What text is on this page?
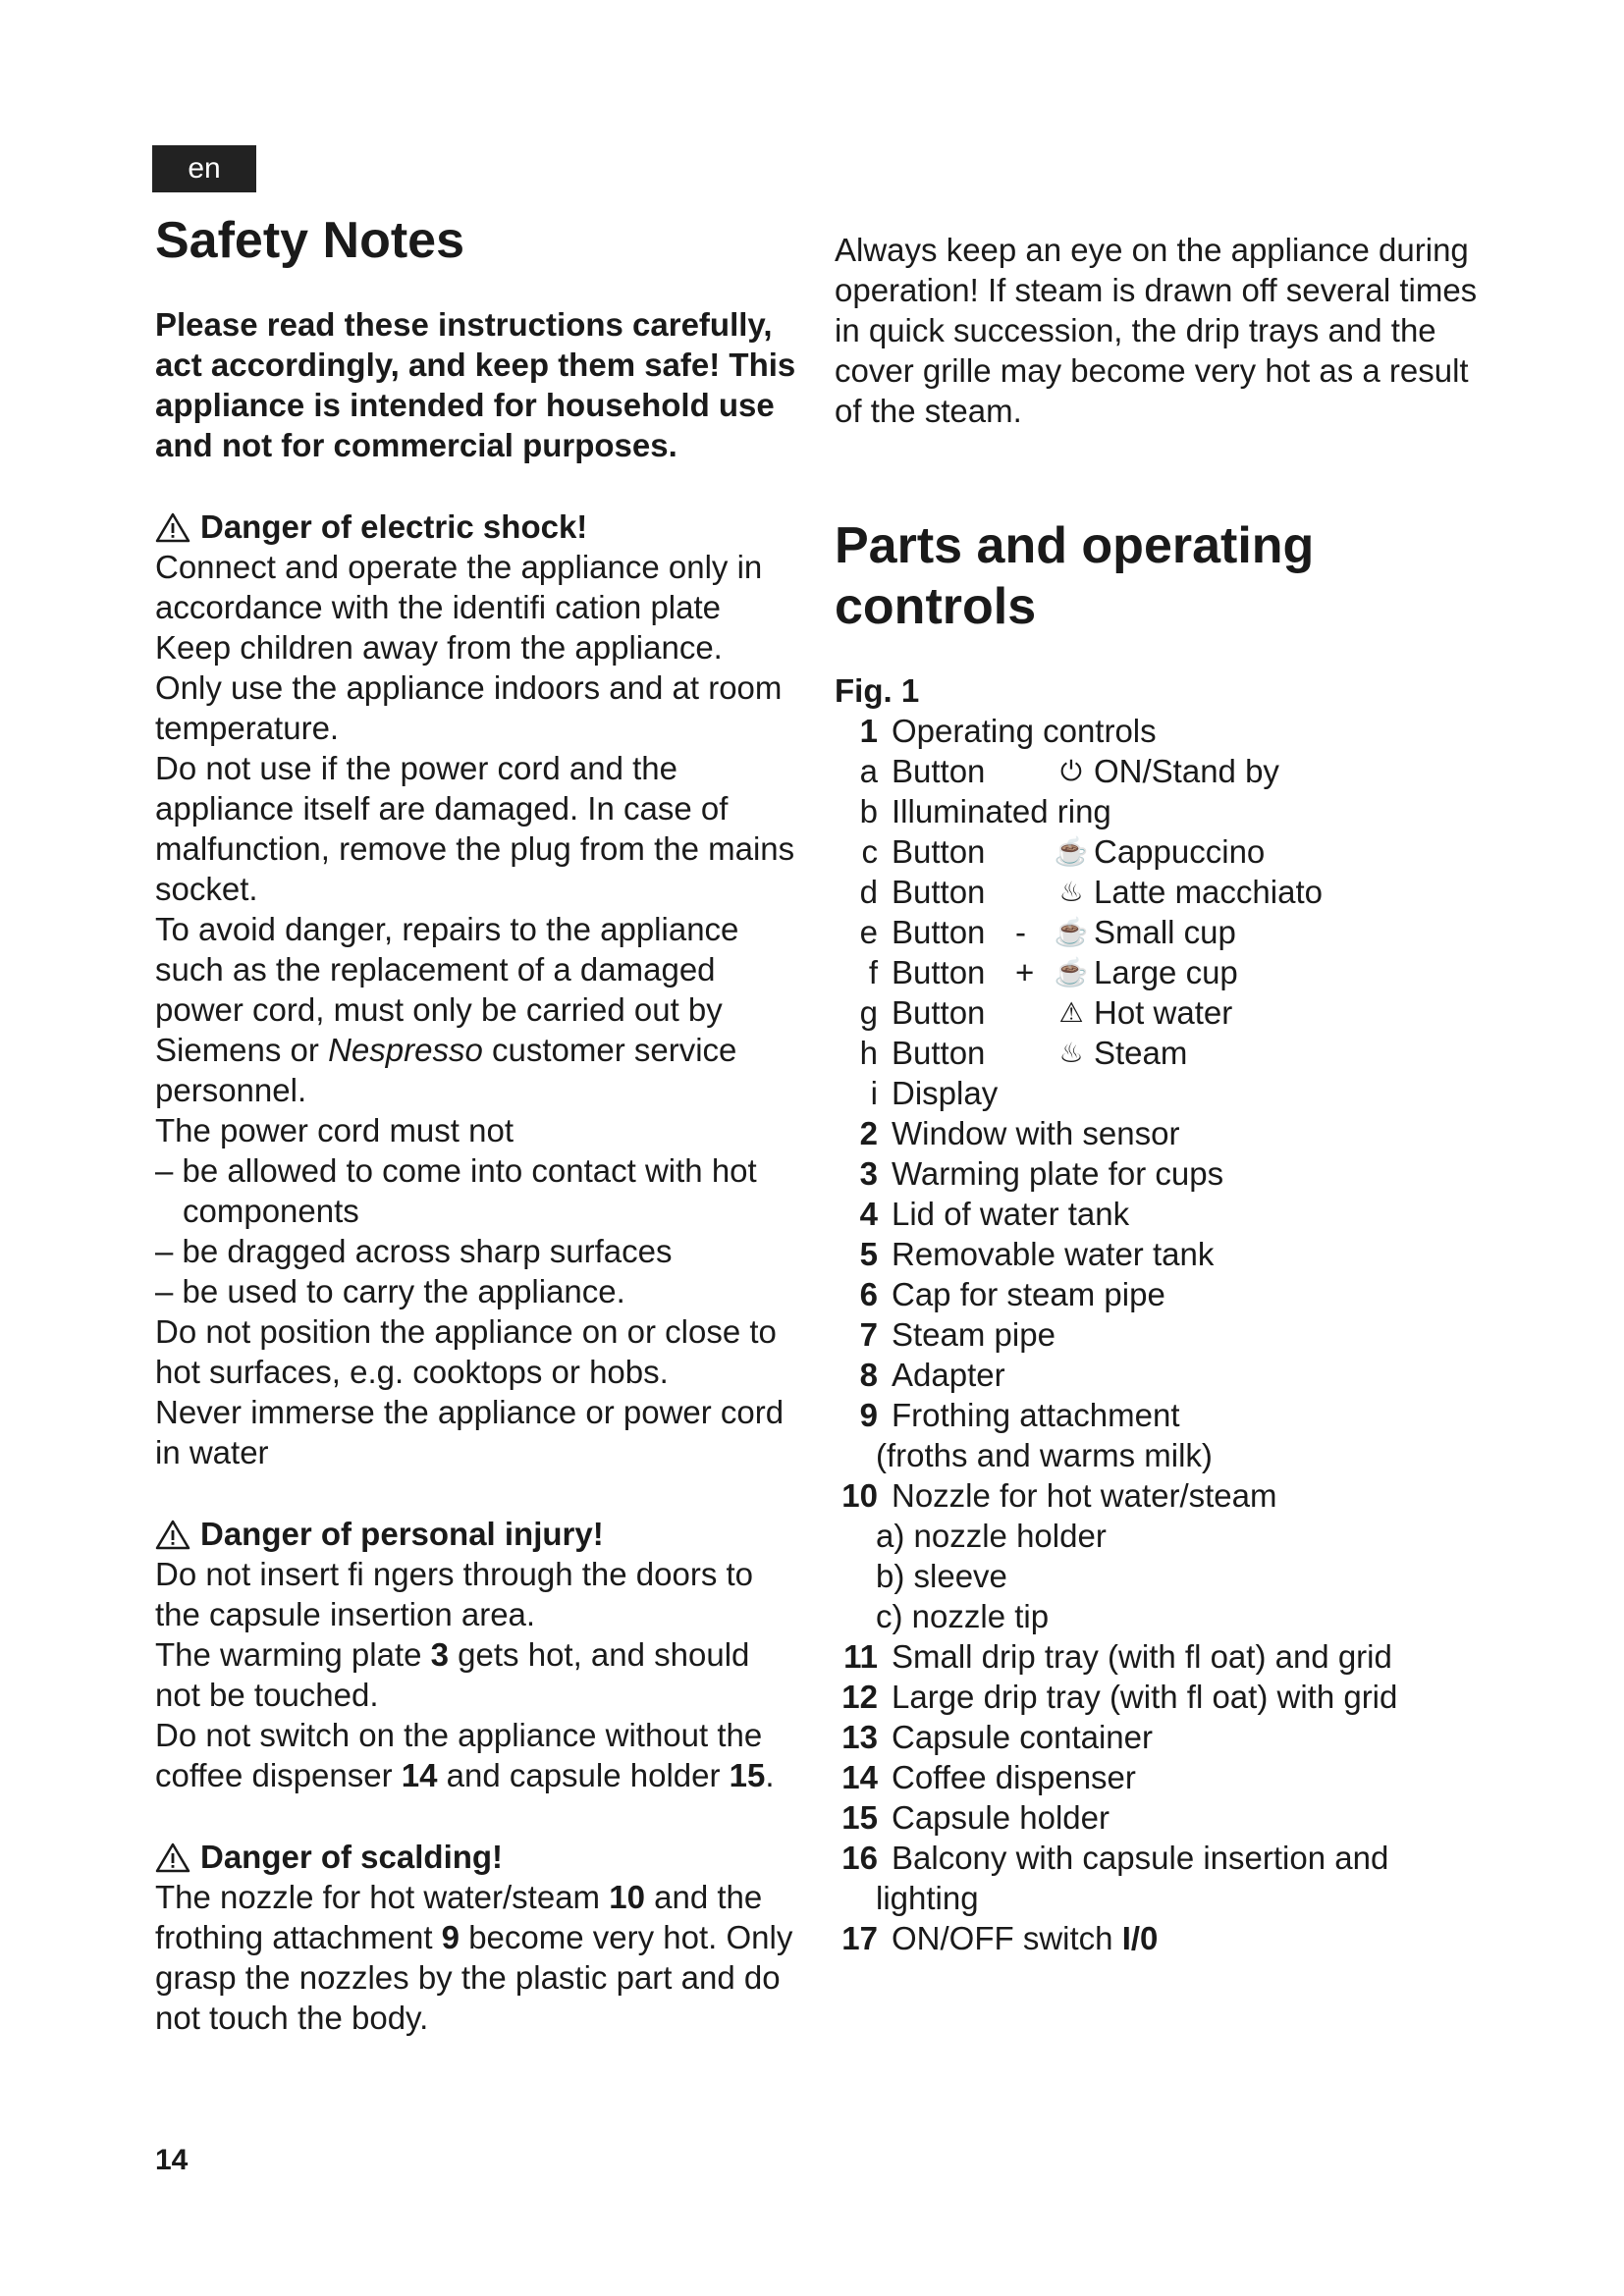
en
Safety Notes

Please read these instructions carefully, act accordingly, and keep them safe! This appliance is intended for household use and not for commercial purposes.

Danger of electric shock!

Connect and operate the appliance only in accordance with the identifi cation plate

Keep children away from the appliance.

Only use the appliance indoors and at room temperature.

Do not use if the power cord and the appliance itself are damaged. In case of malfunction, remove the plug from the mains socket.

To avoid danger, repairs to the appliance such as the replacement of a damaged power cord, must only be carried out by Siemens or Nespresso customer service personnel.

The power cord must not

– be allowed to come into contact with hot components

– be dragged across sharp surfaces

– be used to carry the appliance.

Do not position the appliance on or close to hot surfaces, e.g. cooktops or hobs.

Never immerse the appliance or power cord in water

Danger of personal injury!

Do not insert fi ngers through the doors to the capsule insertion area.

The warming plate 3 gets hot, and should not be touched.

Do not switch on the appliance without the coffee dispenser 14 and capsule holder 15.

Danger of scalding!

The nozzle for hot water/steam 10 and the frothing attachment 9 become very hot. Only grasp the nozzles by the plastic part and do not touch the body.

Always keep an eye on the appliance during operation! If steam is drawn off several times in quick succession, the drip trays and the cover grille may become very hot as a result of the steam.

Parts and operating controls

Fig. 1

1 Operating controls
a Button	⏻ ON/Stand by
b Illuminated ring
c Button	☕ Cappuccino
d Button	♨ Latte macchiato
e Button -	☕ Small cup
f Button + ☕ Large cup
g Button	⚠ Hot water
h Button	♨ Steam
i Display
2 Window with sensor
3 Warming plate for cups
4 Lid of water tank
5 Removable water tank
6 Cap for steam pipe
7 Steam pipe
8 Adapter
9 Frothing attachment
(froths and warms milk)
10 Nozzle for hot water/steam
a) nozzle holder
b) sleeve
c) nozzle tip
11 Small drip tray (with fl oat) and grid
12 Large drip tray (with fl oat) with grid
13 Capsule container
14 Coffee dispenser
15 Capsule holder
16 Balcony with capsule insertion and
lighting
17 ON/OFF switch
I/0
14
